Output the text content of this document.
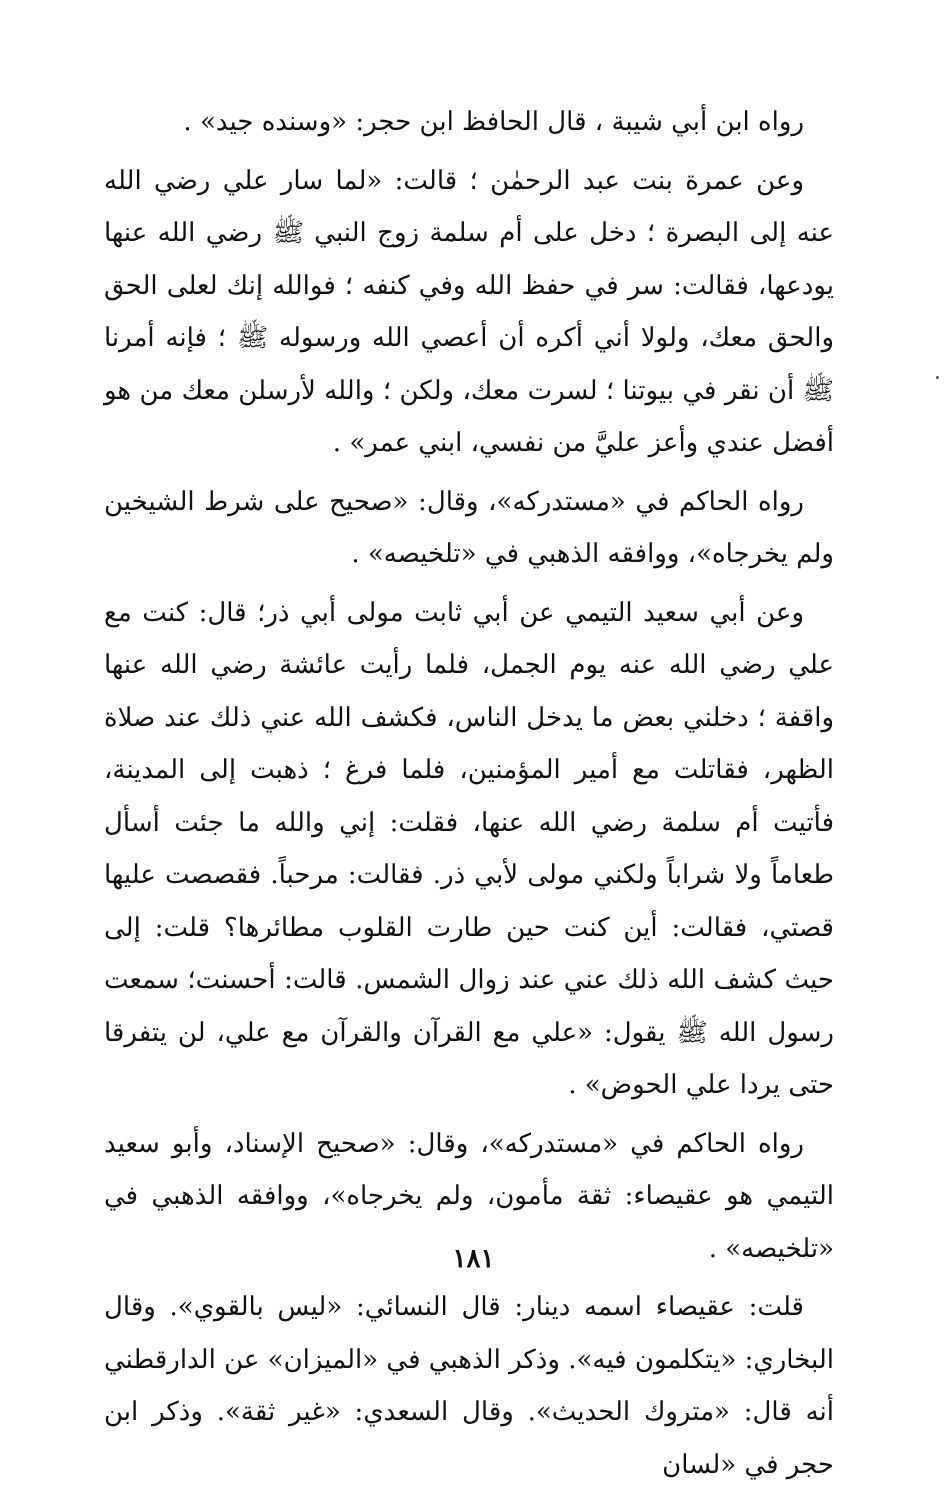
رواه ابن أبي شيبة ، قال الحافظ ابن حجر: «وسنده جيد» .

وعن عمرة بنت عبد الرحمٰن ؛ قالت: «لما سار علي رضي الله عنه إلى البصرة ؛ دخل على أم سلمة زوج النبي ﷺ رضي الله عنها يودعها، فقالت: سر في حفظ الله وفي كنفه ؛ فوالله إنك لعلى الحق والحق معك، ولولا أني أكره أن أعصي الله ورسوله ﷺ ؛ فإنه أمرنا ﷺ أن نقر في بيوتنا ؛ لسرت معك، ولكن ؛ والله لأرسلن معك من هو أفضل عندي وأعز عليَّ من نفسي، ابني عمر» .

رواه الحاكم في «مستدركه»، وقال: «صحيح على شرط الشيخين ولم يخرجاه»، ووافقه الذهبي في «تلخيصه» .

وعن أبي سعيد التيمي عن أبي ثابت مولى أبي ذر؛ قال: كنت مع علي رضي الله عنه يوم الجمل، فلما رأيت عائشة رضي الله عنها واقفة ؛ دخلني بعض ما يدخل الناس، فكشف الله عني ذلك عند صلاة الظهر، فقاتلت مع أمير المؤمنين، فلما فرغ ؛ ذهبت إلى المدينة، فأتيت أم سلمة رضي الله عنها، فقلت: إني والله ما جئت أسأل طعاماً ولا شراباً ولكني مولى لأبي ذر. فقالت: مرحباً. فقصصت عليها قصتي، فقالت: أين كنت حين طارت القلوب مطائرها؟ قلت: إلى حيث كشف الله ذلك عني عند زوال الشمس. قالت: أحسنت؛ سمعت رسول الله ﷺ يقول: «علي مع القرآن والقرآن مع علي، لن يتفرقا حتى يردا علي الحوض» .

رواه الحاكم في «مستدركه»، وقال: «صحيح الإسناد، وأبو سعيد التيمي هو عقيصاء: ثقة مأمون، ولم يخرجاه»، ووافقه الذهبي في «تلخيصه» .

قلت: عقيصاء اسمه دينار: قال النسائي: «ليس بالقوي». وقال البخاري: «يتكلمون فيه». وذكر الذهبي في «الميزان» عن الدارقطني أنه قال: «متروك الحديث». وقال السعدي: «غير ثقة». وذكر ابن حجر في «لسان

١٨١
